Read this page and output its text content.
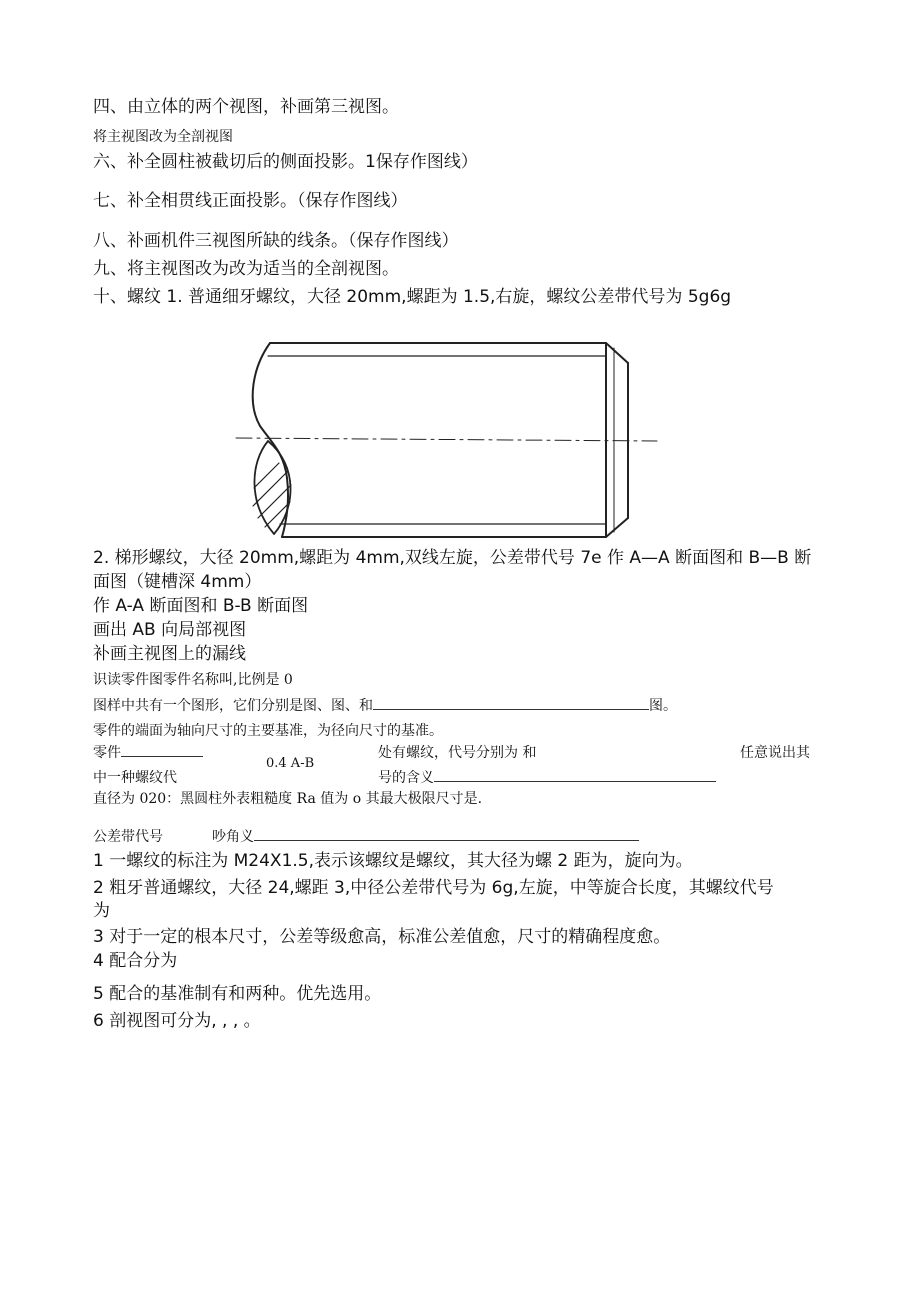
四、由立体的两个视图，补画第三视图。
将主视图改为全剖视图
六、补全圆柱被截切后的侧面投影。1保存作图线）
七、补全相贯线正面投影。（保存作图线）
八、补画机件三视图所缺的线条。（保存作图线）
九、将主视图改为改为适当的全剖视图。
十、螺纹 1. 普通细牙螺纹，大径 20mm,螺距为 1.5,右旋，螺纹公差带代号为 5g6g
2. 梯形螺纹，大径 20mm,螺距为 4mm,双线左旋，公差带代号 7e 作 A—A 断面图和 B—B 断
面图（键槽深 4mm）
作 A-A 断面图和 B-B 断面图
画出 AB 向局部视图
补画主视图上的漏线
识读零件图零件名称叫,比例是 0
图样中共有一个图形，它们分别是图、图、和	图。
零件的端面为轴向尺寸的主要基准，为径向尺寸的基准。
零件	处有螺纹，代号分别为 和	任意说出其
0.4 A-B
中一种螺纹代	号的含义
直径为 020：黑圆柱外表粗糙度 Ra 值为 o 其最大极限尺寸是.
公差带代号	吵角义
1 一螺纹的标注为 M24X1.5,表示该螺纹是螺纹，其大径为螺 2 距为，旋向为。
2 粗牙普通螺纹，大径 24,螺距 3,中径公差带代号为 6g,左旋，中等旋合长度，其螺纹代号
为
3 对于一定的根本尺寸，公差等级愈高，标准公差值愈，尺寸的精确程度愈。
4 配合分为
5 配合的基准制有和两种。优先选用。
6 剖视图可分为, , , 。
